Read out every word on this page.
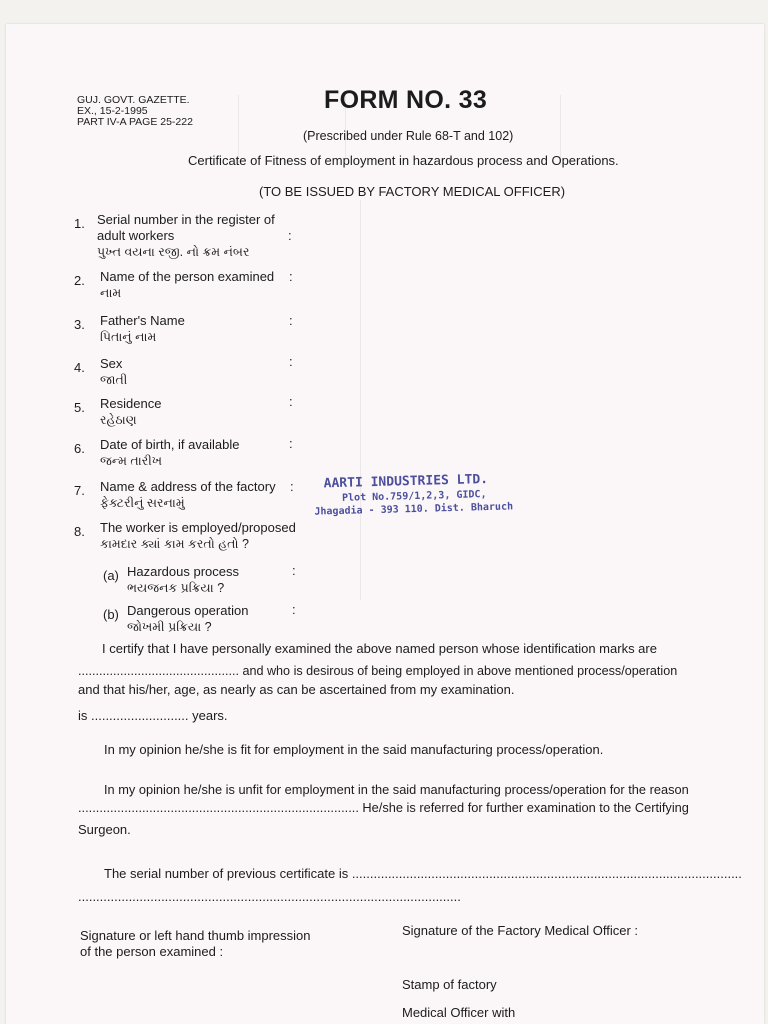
GUJ. GOVT. GAZETTE.
EX., 15-2-1995
PART IV-A PAGE 25-222
FORM NO. 33
(Prescribed under Rule 68-T and 102)
Certificate of Fitness of employment in hazardous process and Operations.
(TO BE ISSUED BY FACTORY MEDICAL OFFICER)
1. Serial number in the register of
adult workers
પુખ્ત વયના રજી. નો ક્રમ નંબર
:
2. Name of the person examined
નામ
:
3. Father's Name
પિતાનું નામ
:
4. Sex
જાતી
:
5. Residence
રહેઠાણ
:
6. Date of birth, if available
જન્મ તારીખ
:
7. Name & address of the factory
ફેક્ટરીનું સરનામું
: AARTI INDUSTRIES LTD.
Plot No.759/1,2,3, GIDC,
Jhagadia - 393 110. Dist. Bharuch
8. The worker is employed/proposed
કામદાર ક્યાં કામ કરતો હતો ?
(a) Hazardous process
ભયજનક પ્રક્રિયા ?
:
(b) Dangerous operation
જોખમી પ્રક્રિયા ?
:
I certify that I have personally examined the above named person whose identification marks are
.............................................. and who is desirous of being employed in above mentioned process/operation
and that his/her, age, as nearly as can be ascertained from my examination.
is ........................... years.
In my opinion he/she is fit for employment in the said manufacturing process/operation.
In my opinion he/she is unfit for employment in the said manufacturing process/operation for the reason
............................................................................... He/she is referred for further examination to the Certifying
Surgeon.
The serial number of previous certificate is ............................................................................................................
..........................................................................................................
Signature or left hand thumb impression
of the person examined :
Signature of the Factory Medical Officer :
Stamp of factory
Medical Officer with
